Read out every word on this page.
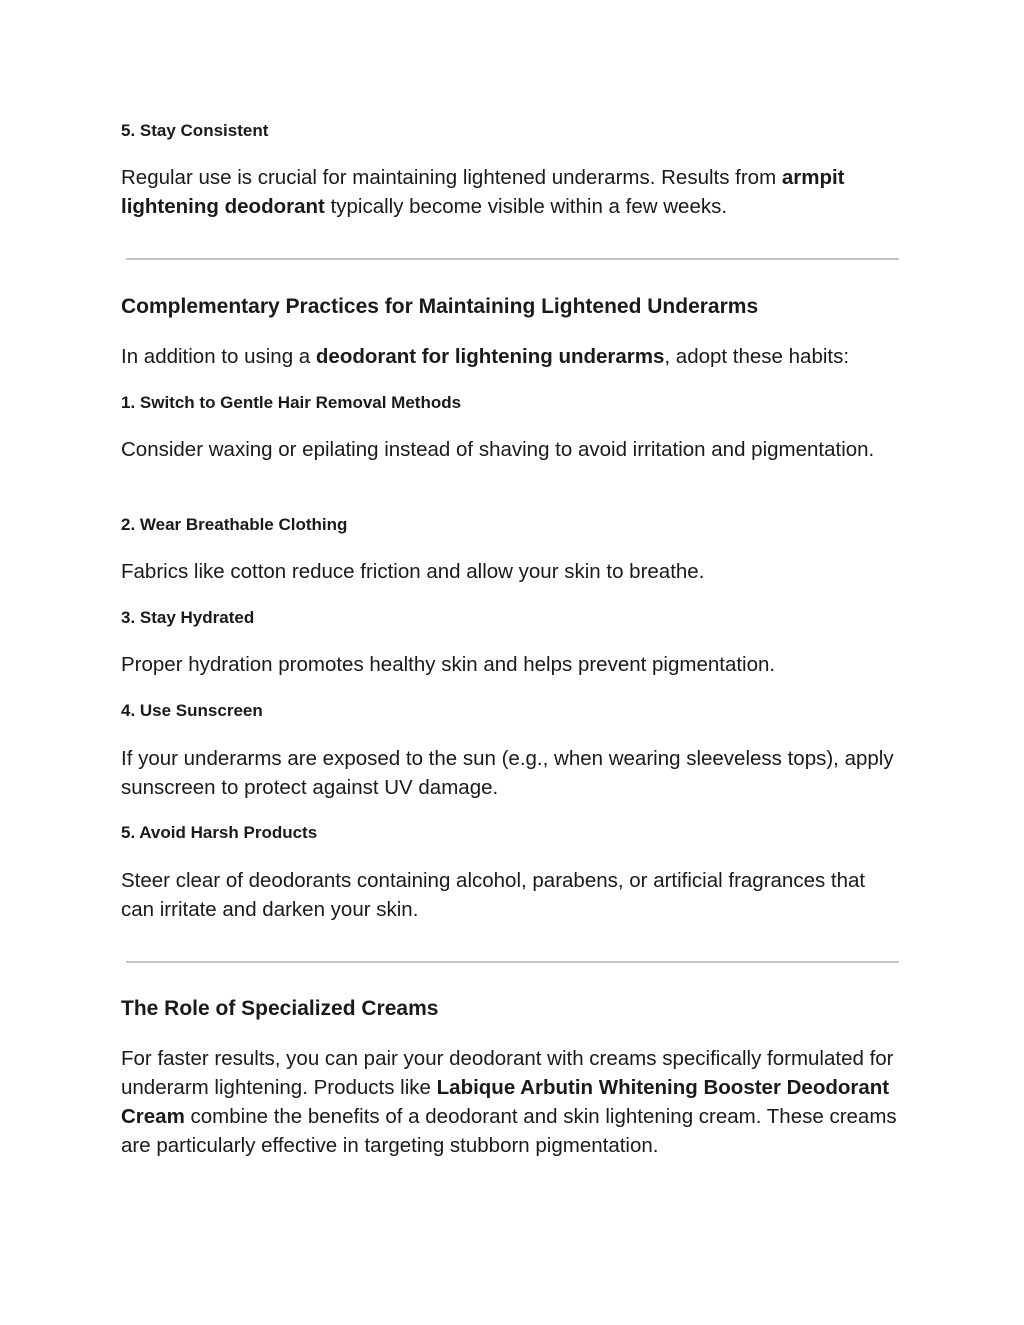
5. Stay Consistent

Regular use is crucial for maintaining lightened underarms. Results from armpit lightening deodorant typically become visible within a few weeks.

Complementary Practices for Maintaining Lightened Underarms

In addition to using a deodorant for lightening underarms, adopt these habits:

1. Switch to Gentle Hair Removal Methods

Consider waxing or epilating instead of shaving to avoid irritation and pigmentation.

2. Wear Breathable Clothing

Fabrics like cotton reduce friction and allow your skin to breathe.

3. Stay Hydrated

Proper hydration promotes healthy skin and helps prevent pigmentation.

4. Use Sunscreen

If your underarms are exposed to the sun (e.g., when wearing sleeveless tops), apply sunscreen to protect against UV damage.

5. Avoid Harsh Products

Steer clear of deodorants containing alcohol, parabens, or artificial fragrances that can irritate and darken your skin.

The Role of Specialized Creams

For faster results, you can pair your deodorant with creams specifically formulated for underarm lightening. Products like Labique Arbutin Whitening Booster Deodorant Cream combine the benefits of a deodorant and skin lightening cream. These creams are particularly effective in targeting stubborn pigmentation.
